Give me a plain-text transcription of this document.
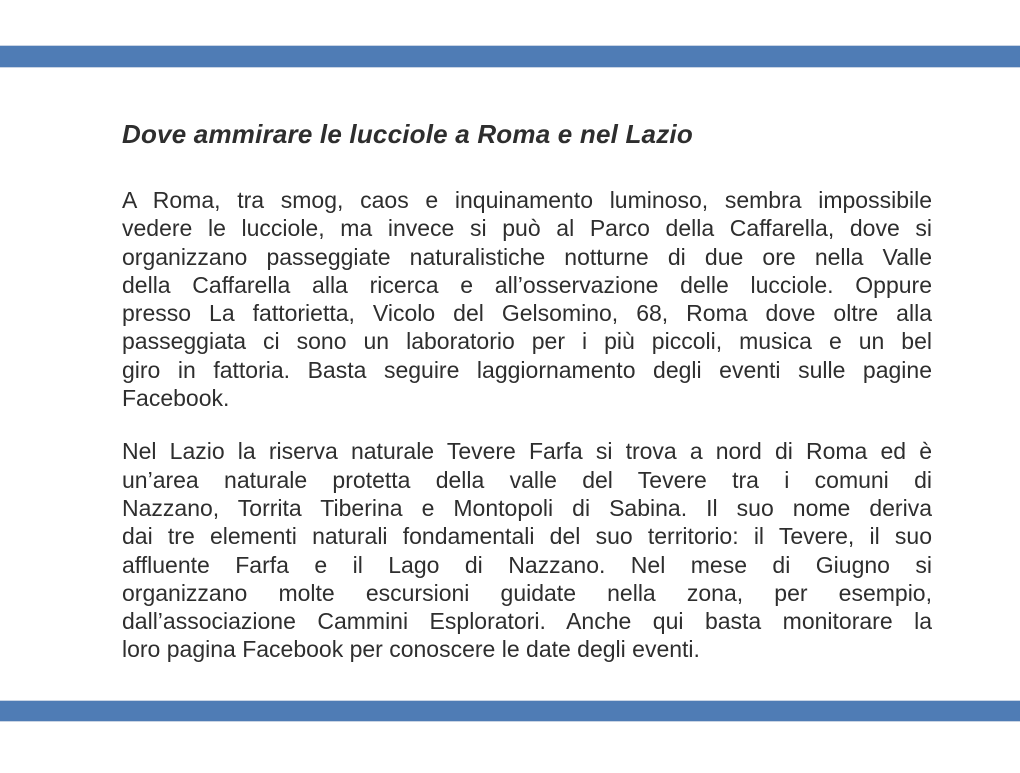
Dove ammirare le lucciole a Roma e nel Lazio
A Roma, tra smog, caos e inquinamento luminoso, sembra impossibile
vedere le lucciole, ma invece si può al Parco della Caffarella, dove si
organizzano passeggiate naturalistiche notturne di due ore nella Valle
della Caffarella alla ricerca e all’osservazione delle lucciole. Oppure
presso La fattorietta, Vicolo del Gelsomino, 68, Roma dove oltre alla
passeggiata ci sono un laboratorio per i più piccoli, musica e un bel
giro in fattoria. Basta seguire laggiornamento degli eventi sulle pagine
Facebook.
Nel Lazio la riserva naturale Tevere Farfa si trova a nord di Roma ed è
un’area naturale protetta della valle del Tevere tra i comuni di
Nazzano, Torrita Tiberina e Montopoli di Sabina. Il suo nome deriva
dai tre elementi naturali fondamentali del suo territorio: il Tevere, il suo
affluente Farfa e il Lago di Nazzano. Nel mese di Giugno si
organizzano molte escursioni guidate nella zona, per esempio,
dall’associazione Cammini Esploratori. Anche qui basta monitorare la
loro pagina Facebook per conoscere le date degli eventi.
